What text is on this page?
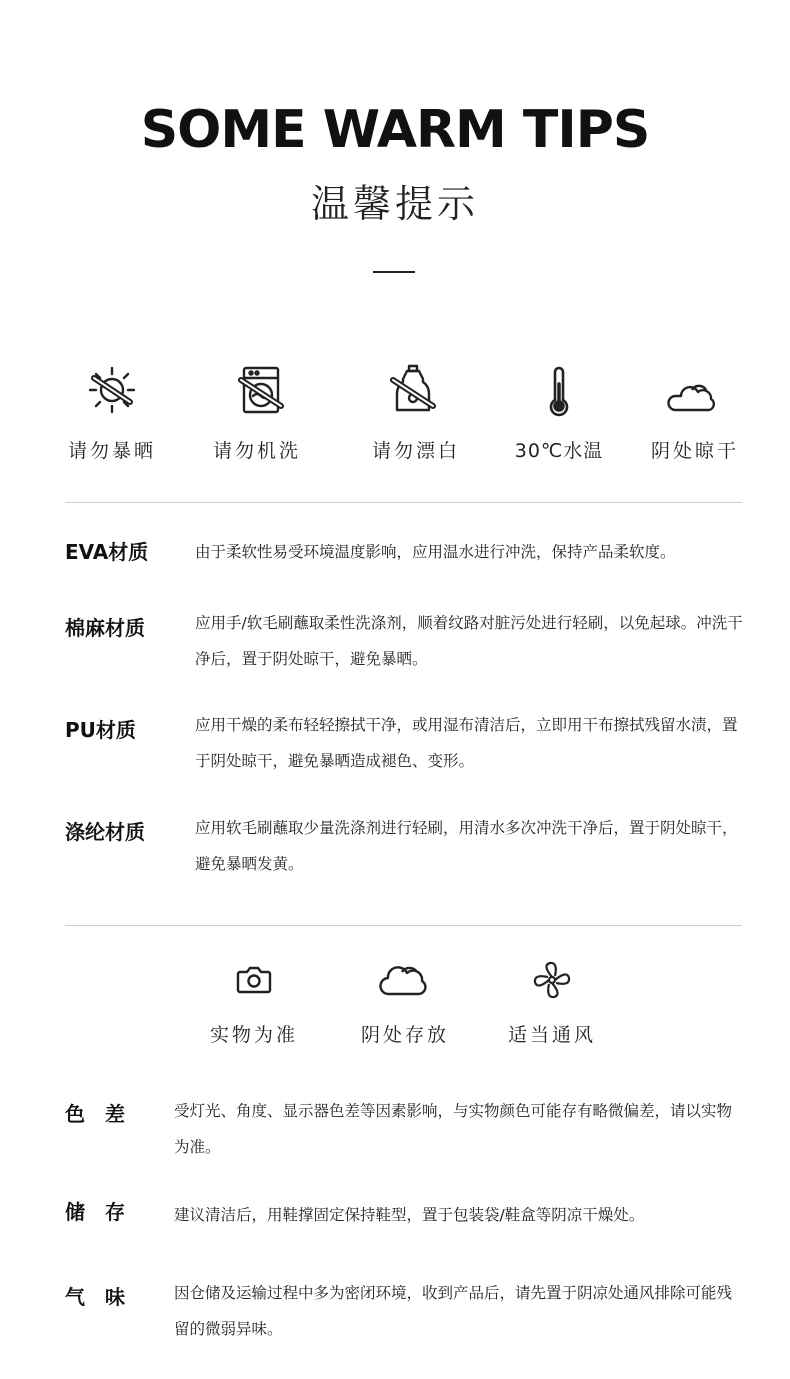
SOME WARM TIPS
温馨提示
请勿暴晒	请勿机洗	请勿漂白	30℃水温	阴处晾干
EVA材质	由于柔软性易受环境温度影响，应用温水进行冲洗，保持产品柔软度。
棉麻材质	应用手/软毛刷蘸取柔性洗涤剂，顺着纹路对脏污处进行轻刷，以免起球。冲洗干净后，置于阴处晾干，避免暴晒。
PU材质	应用干燥的柔布轻轻擦拭干净，或用湿布清洁后，立即用干布擦拭残留水渍，置于阴处晾干，避免暴晒造成褪色、变形。
涤纶材质	应用软毛刷蘸取少量洗涤剂进行轻刷，用清水多次冲洗干净后，置于阴处晾干，避免暴晒发黄。
实物为准	阴处存放	适当通风
色差 受灯光、角度、显示器色差等因素影响，与实物颜色可能存有略微偏差，请以实物为准。
储存 建议清洁后，用鞋撑固定保持鞋型，置于包装袋/鞋盒等阴凉干燥处。
气味 因仓储及运输过程中多为密闭环境，收到产品后，请先置于阴凉处通风排除可能残留的微弱异味。
